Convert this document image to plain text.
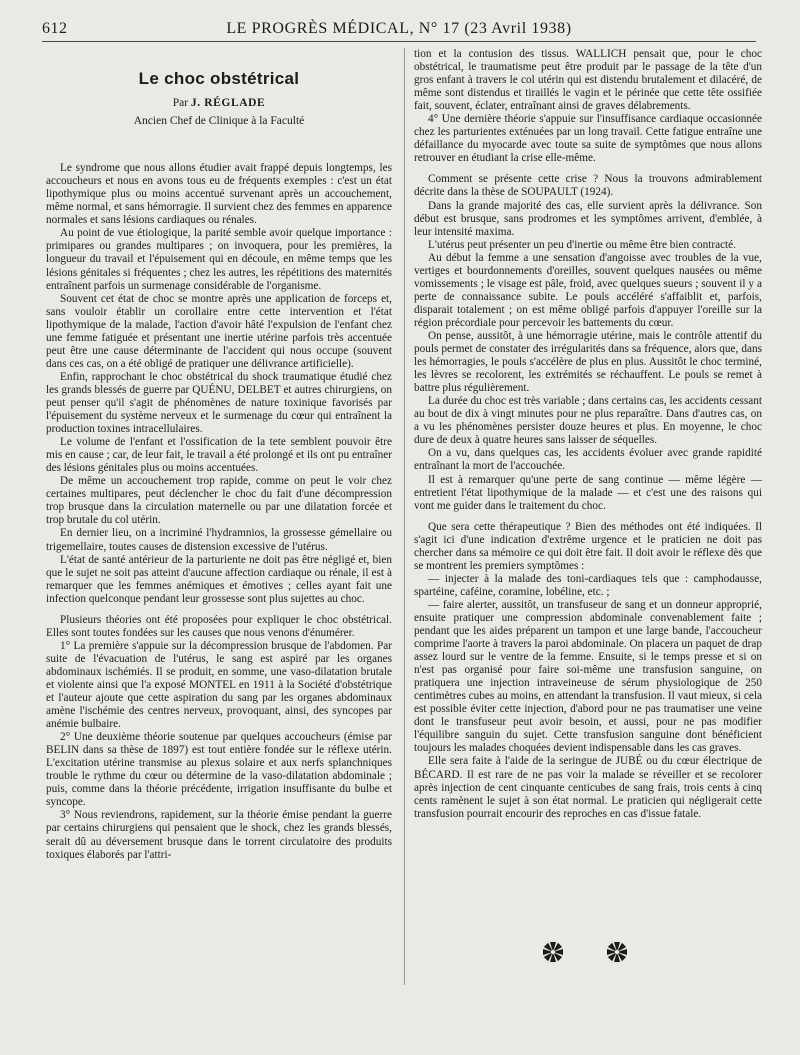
612	LE PROGRÈS MÉDICAL, N° 17 (23 Avril 1938)
Le choc obstétrical
Par J. RÉGLADE
Ancien Chef de Clinique à la Faculté

Le syndrome que nous allons étudier avait frappé depuis longtemps, les accoucheurs et nous en avons tous eu de fréquents exemples : c'est un état lipothymique plus ou moins accentué survenant après un accouchement, même normal, et sans hémorragie. Il survient chez des femmes en apparence normales et sans lésions cardiaques ou rénales.

Au point de vue étiologique, la parité semble avoir quelque importance : primipares ou grandes multipares ; on invoquera, pour les premières, la longueur du travail et l'épuisement qui en découle, en même temps que les lésions génitales si fréquentes ; chez les autres, les répétitions des maternités entraînent parfois un surmenage considérable de l'organisme.

Souvent cet état de choc se montre après une application de forceps et, sans vouloir établir un corollaire entre cette intervention et l'état lipothymique de la malade, l'action d'avoir hâté l'expulsion de l'enfant chez une femme fatiguée et présentant une inertie utérine parfois très accentuée peut être une cause déterminante de l'accident qui nous occupe (souvent dans ces cas, on a été obligé de pratiquer une délivrance artificielle).

Enfin, rapprochant le choc obstétrical du shock traumatique étudié chez les grands blessés de guerre par QUÉNU, DELBET et autres chirurgiens, on peut penser qu'il s'agit de phénomènes de nature toxinique favorisés par l'épuisement du système nerveux et le surmenage du cœur qui entraînent la production toxines intracellulaires.

Le volume de l'enfant et l'ossification de la tete semblent pouvoir être mis en cause ; car, de leur fait, le travail a été prolongé et ils ont pu entraîner des lésions génitales plus ou moins accentuées.

De même un accouchement trop rapide, comme on peut le voir chez certaines multipares, peut déclencher le choc du fait d'une décompression trop brusque dans la circulation maternelle ou par une dilatation forcée et trop brutale du col utérin.

En dernier lieu, on a incriminé l'hydramnios, la grossesse gémellaire ou trigemellaire, toutes causes de distension excessive de l'utérus.

L'état de santé antérieur de la parturiente ne doit pas être négligé et, bien que le sujet ne soit pas atteint d'aucune affection cardiaque ou rénale, il est à remarquer que les femmes anémiques et émotives ; celles ayant fait une infection quelconque pendant leur grossesse sont plus sujettes au choc.

Plusieurs théories ont été proposées pour expliquer le choc obstétrical. Elles sont toutes fondées sur les causes que nous venons d'énumérer.

1° La première s'appuie sur la décompression brusque de l'abdomen. Par suite de l'évacuation de l'utérus, le sang est aspiré par les organes abdominaux ischémiés. Il se produit, en somme, une vaso-dilatation brutale et violente ainsi que l'a exposé MONTEL en 1911 à la Société d'obstétrique et l'auteur ajoute que cette aspiration du sang par les organes abdominaux amène l'ischémie des centres nerveux, provoquant, ainsi, des syncopes par anémie bulbaire.

2° Une deuxième théorie soutenue par quelques accoucheurs (émise par BELIN dans sa thèse de 1897) est tout entière fondée sur le réflexe utérin. L'excitation utérine transmise au plexus solaire et aux nerfs splanchniques trouble le rythme du cœur ou détermine de la vaso-dilatation abdominale ; puis, comme dans la théorie précédente, irrigation insuffisante du bulbe et syncope.

3° Nous reviendrons, rapidement, sur la théorie émise pendant la guerre par certains chirurgiens qui pensaient que le shock, chez les grands blessés, serait dû au déversement brusque dans le torrent circulatoire des produits toxiques élaborés par l'attri-

tion et la contusion des tissus. WALLICH pensait que, pour le choc obstétrical, le traumatisme peut être produit par le passage de la tête d'un gros enfant à travers le col utérin qui est distendu brutalement et dilacéré, de même sont distendus et tiraillés le vagin et le périnée que cette tête ossifiée fait, souvent, éclater, entraînant ainsi de graves délabrements.

4° Une dernière théorie s'appuie sur l'insuffisance cardiaque occasionnée chez les parturientes exténuées par un long travail. Cette fatigue entraîne une défaillance du myocarde avec toute sa suite de symptômes que nous allons retrouver en étudiant la crise elle-même.

Comment se présente cette crise ? Nous la trouvons admirablement décrite dans la thèse de SOUPAULT (1924).

Dans la grande majorité des cas, elle survient après la délivrance. Son début est brusque, sans prodromes et les symptômes arrivent, d'emblée, à leur intensité maxima.

L'utérus peut présenter un peu d'inertie ou même être bien contracté.

Au début la femme a une sensation d'angoisse avec troubles de la vue, vertiges et bourdonnements d'oreilles, souvent quelques nausées ou même vomissements ; le visage est pâle, froid, avec quelques sueurs ; souvent il y a perte de connaissance subite. Le pouls accéléré s'affaiblit et, parfois, disparait totalement ; on est même obligé parfois d'appuyer l'oreille sur la région précordiale pour percevoir les battements du cœur.

On pense, aussitôt, à une hémorragie utérine, mais le contrôle attentif du pouls permet de constater des irrégularités dans sa fréquence, alors que, dans les hémorragies, le pouls s'accélère de plus en plus. Aussitôt le choc terminé, les lèvres se recolorent, les extrémités se réchauffent. Le pouls se remet à battre plus régulièrement.

La durée du choc est très variable ; dans certains cas, les accidents cessant au bout de dix à vingt minutes pour ne plus reparaître. Dans d'autres cas, on a vu les phénomènes persister douze heures et plus. En moyenne, le choc dure de deux à quatre heures sans laisser de séquelles.

On a vu, dans quelques cas, les accidents évoluer avec grande rapidité entraînant la mort de l'accouchée.

Il est à remarquer qu'une perte de sang continue — même légère — entretient l'état lipothymique de la malade — et c'est une des raisons qui vont me guider dans le traitement du choc.

Que sera cette thérapeutique ? Bien des méthodes ont été indiquées. Il s'agit ici d'une indication d'extrême urgence et le praticien ne doit pas chercher dans sa mémoire ce qui doit être fait. Il doit avoir le réflexe dès que se montrent les premiers symptômes :

— injecter à la malade des toni-cardiaques tels que : camphodausse, spartéine, caféine, coramine, lobéline, etc. ;

— faire alerter, aussitôt, un transfuseur de sang et un donneur approprié, ensuite pratiquer une compression abdominale convenablement faite ; pendant que les aides préparent un tampon et une large bande, l'accoucheur comprime l'aorte à travers la paroi abdominale. On placera un paquet de drap assez lourd sur le ventre de la femme. Ensuite, si le temps presse et si on n'est pas organisé pour faire soi-même une transfusion sanguine, on pratiquera une injection intraveineuse de sérum physiologique de 250 centimètres cubes au moins, en attendant la transfusion. Il vaut mieux, si cela est possible éviter cette injection, d'abord pour ne pas traumatiser une veine dont le transfuseur peut avoir besoin, et aussi, pour ne pas modifier l'équilibre sanguin du sujet. Cette transfusion sanguine dont bénéficient toujours les malades choquées devient indispensable dans les cas graves.

Elle sera faite à l'aide de la seringue de JUBÉ ou du cœur électrique de BÉCARD. Il est rare de ne pas voir la malade se réveiller et se recolorer après injection de cent cinquante centicubes de sang frais, trois cents à cinq cents ramènent le sujet à son état normal. Le praticien qui négligerait cette transfusion pourrait encourir des reproches en cas d'issue fatale.
